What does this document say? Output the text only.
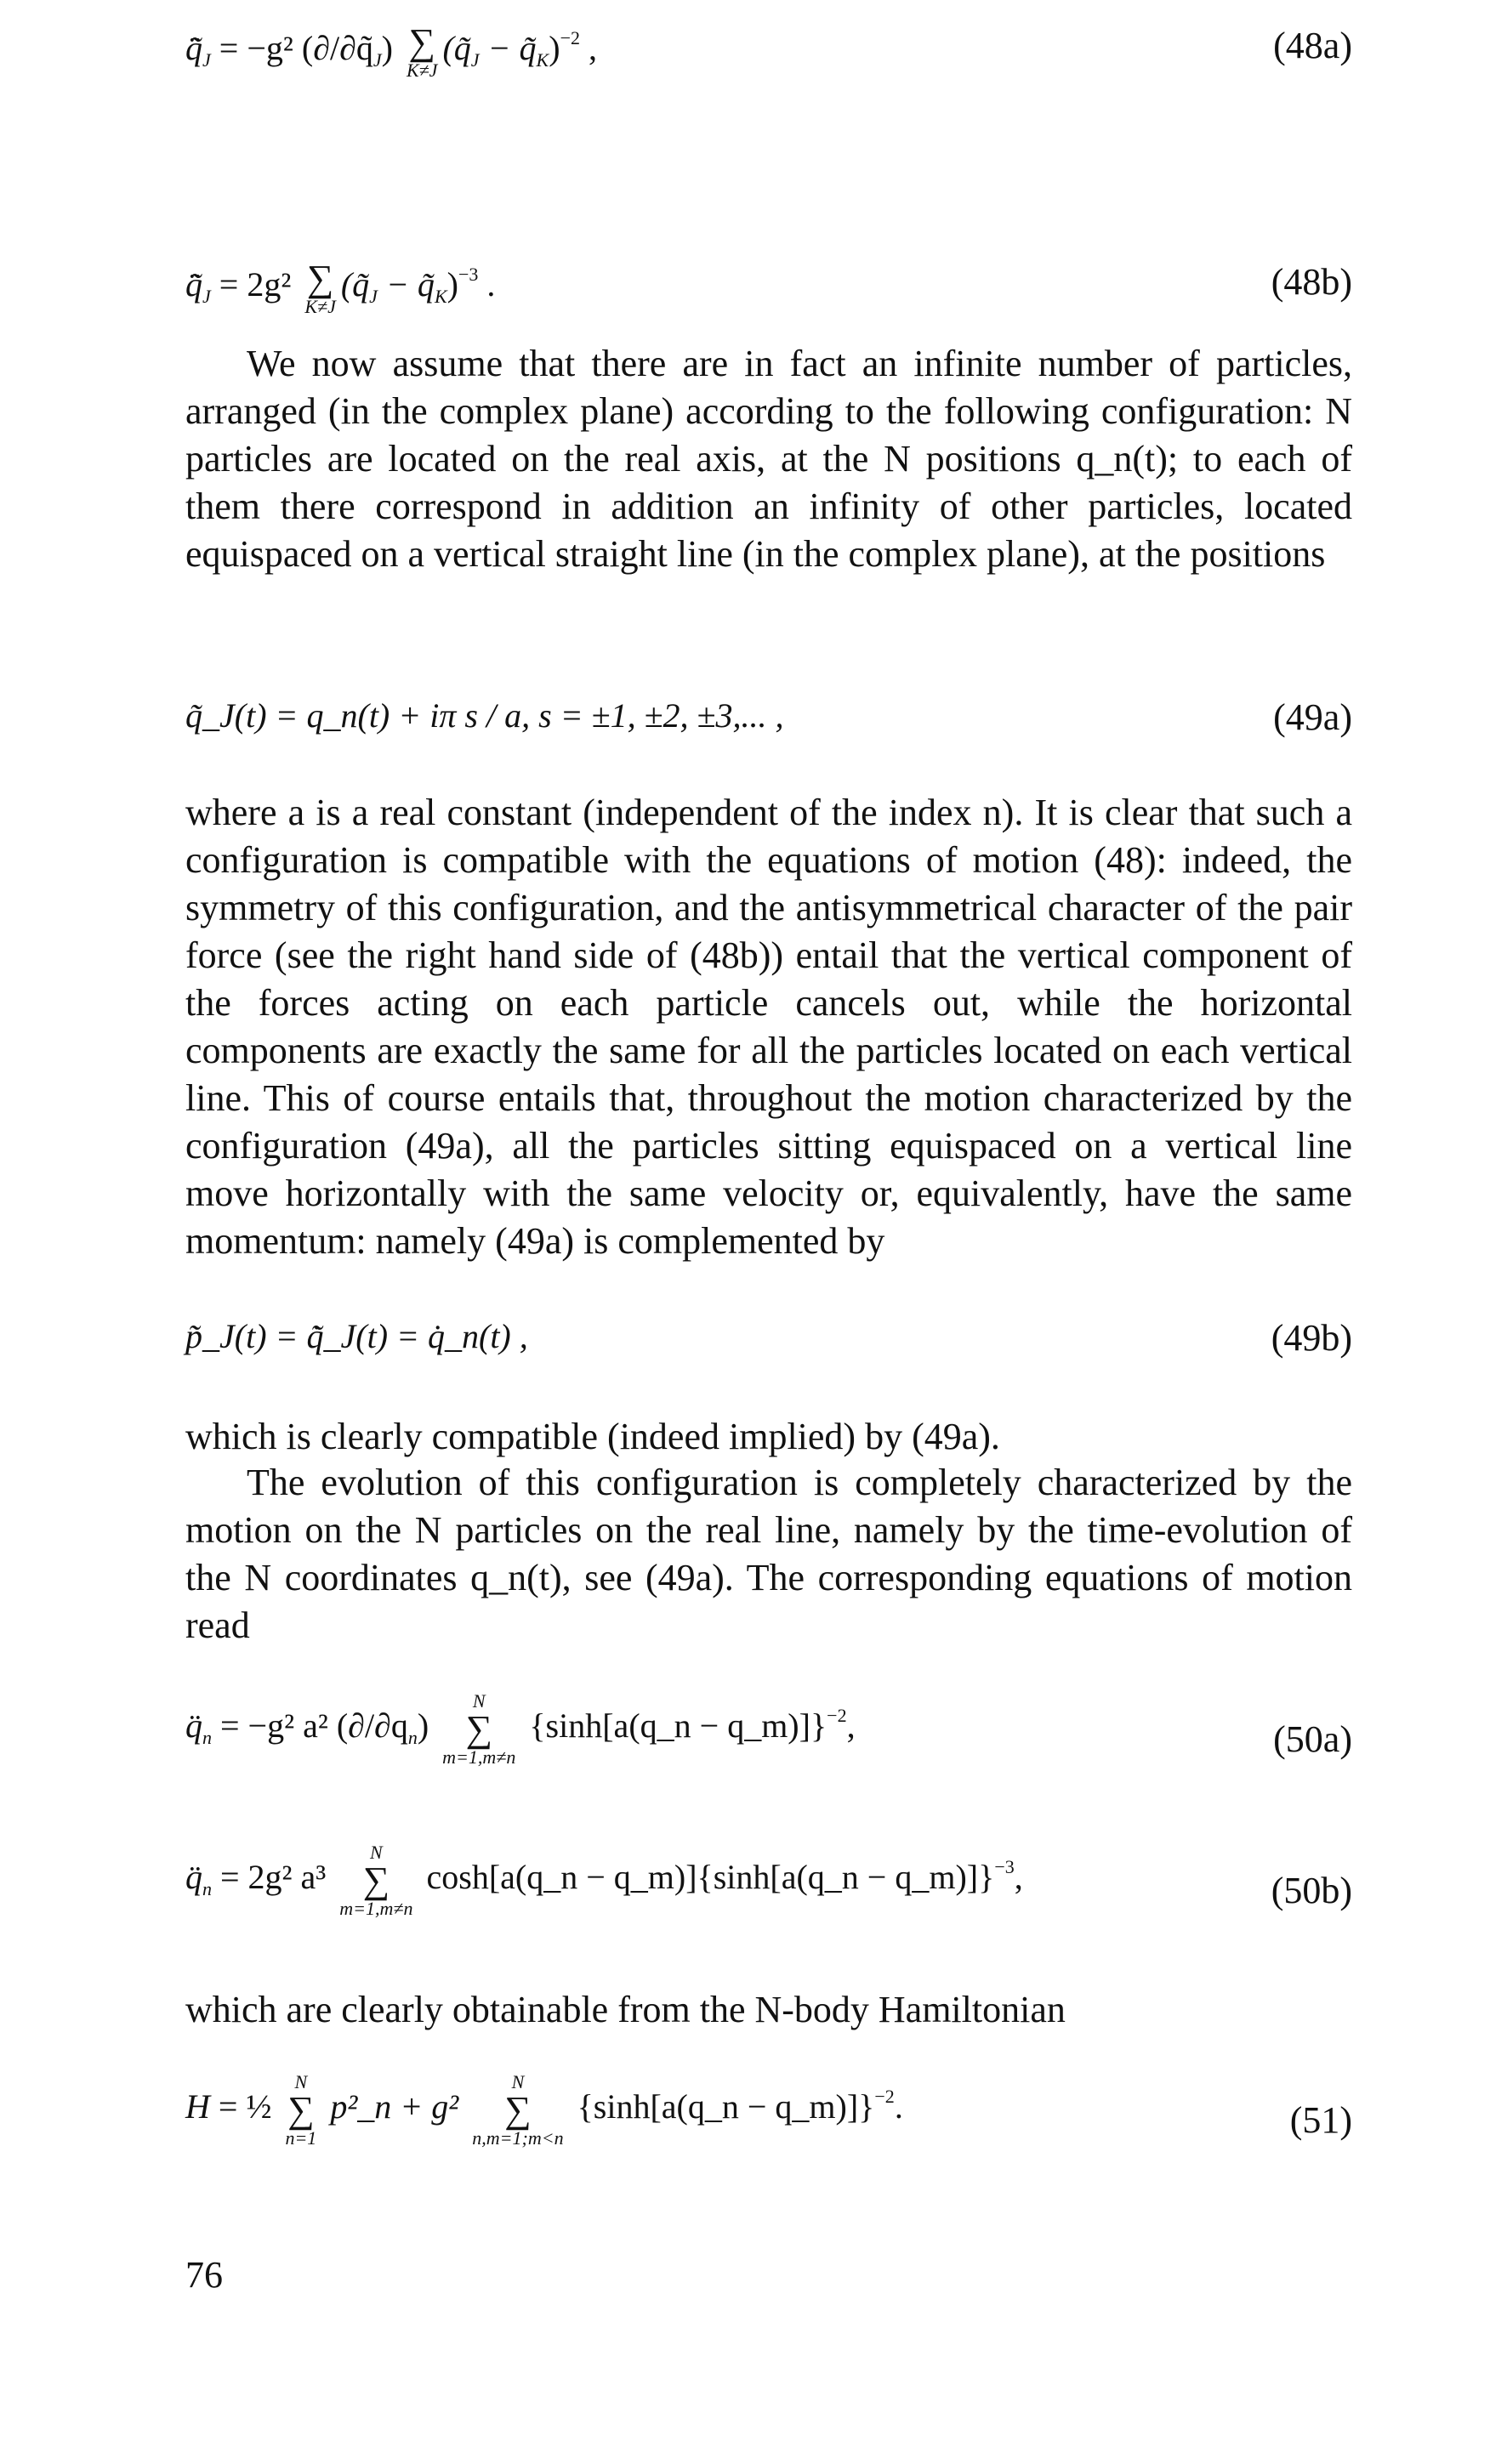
$q̃̈_J = -g^2$ $(\partial/\partial q̃_J)$ ∑
K≠J
($q̃_J$ − $q̃_K)^{-2}$ ,	(48a)
$q̃̈_J = 2g^2$ ∑
K≠J
($q̃_J$ − $q̃_K)^{-3}$ .	(48b)

We now assume that there are in fact an infinite number of particles, arranged (in the complex plane) according to the following configuration: N particles are located on the real axis, at the N positions q_n(t); to each of them there correspond in addition an infinity of other particles, located equispaced on a vertical straight line (in the complex plane), at the positions

q̃_J(t) = q_n(t) + iπ s / a, s = ±1, ±2, ±3,... ,	(49a)

where a is a real constant (independent of the index n). It is clear that such a configuration is compatible with the equations of motion (48): indeed, the symmetry of this configuration, and the antisymmetrical character of the pair force (see the right hand side of (48b)) entail that the vertical component of the forces acting on each particle cancels out, while the horizontal components are exactly the same for all the particles located on each vertical line. This of course entails that, throughout the motion characterized by the configuration (49a), all the particles sitting equispaced on a vertical line move horizontally with the same velocity or, equivalently, have the same momentum: namely (49a) is complemented by

p̃_J(t) = q̃̇_J(t) = q̇_n(t) ,	(49b)

which is clearly compatible (indeed implied) by (49a).

The evolution of this configuration is completely characterized by the motion on the N particles on the real line, namely by the time-evolution of the N coordinates q_n(t), see (49a). The corresponding equations of motion read

$q̈_n = -g^2$ a² $(\partial/\partial q_n)$
N
∑
m=1,m≠n
{sinh[a(q_n − q_m)]}$^{-2}$,	(50a)
$q̈_n = 2g^2$ a³
N
∑
m=1,m≠n
cosh[a(q_n − q_m)]{sinh[a(q_n − q_m)]}$^{-3}$,	(50b)

which are clearly obtainable from the N-body Hamiltonian

H = ½
N
∑
n=1
p²_n + g²
N
∑
n,m=1;m<n
{sinh[a(q_n − q_m)]}$^{-2}$.	(51)
76
